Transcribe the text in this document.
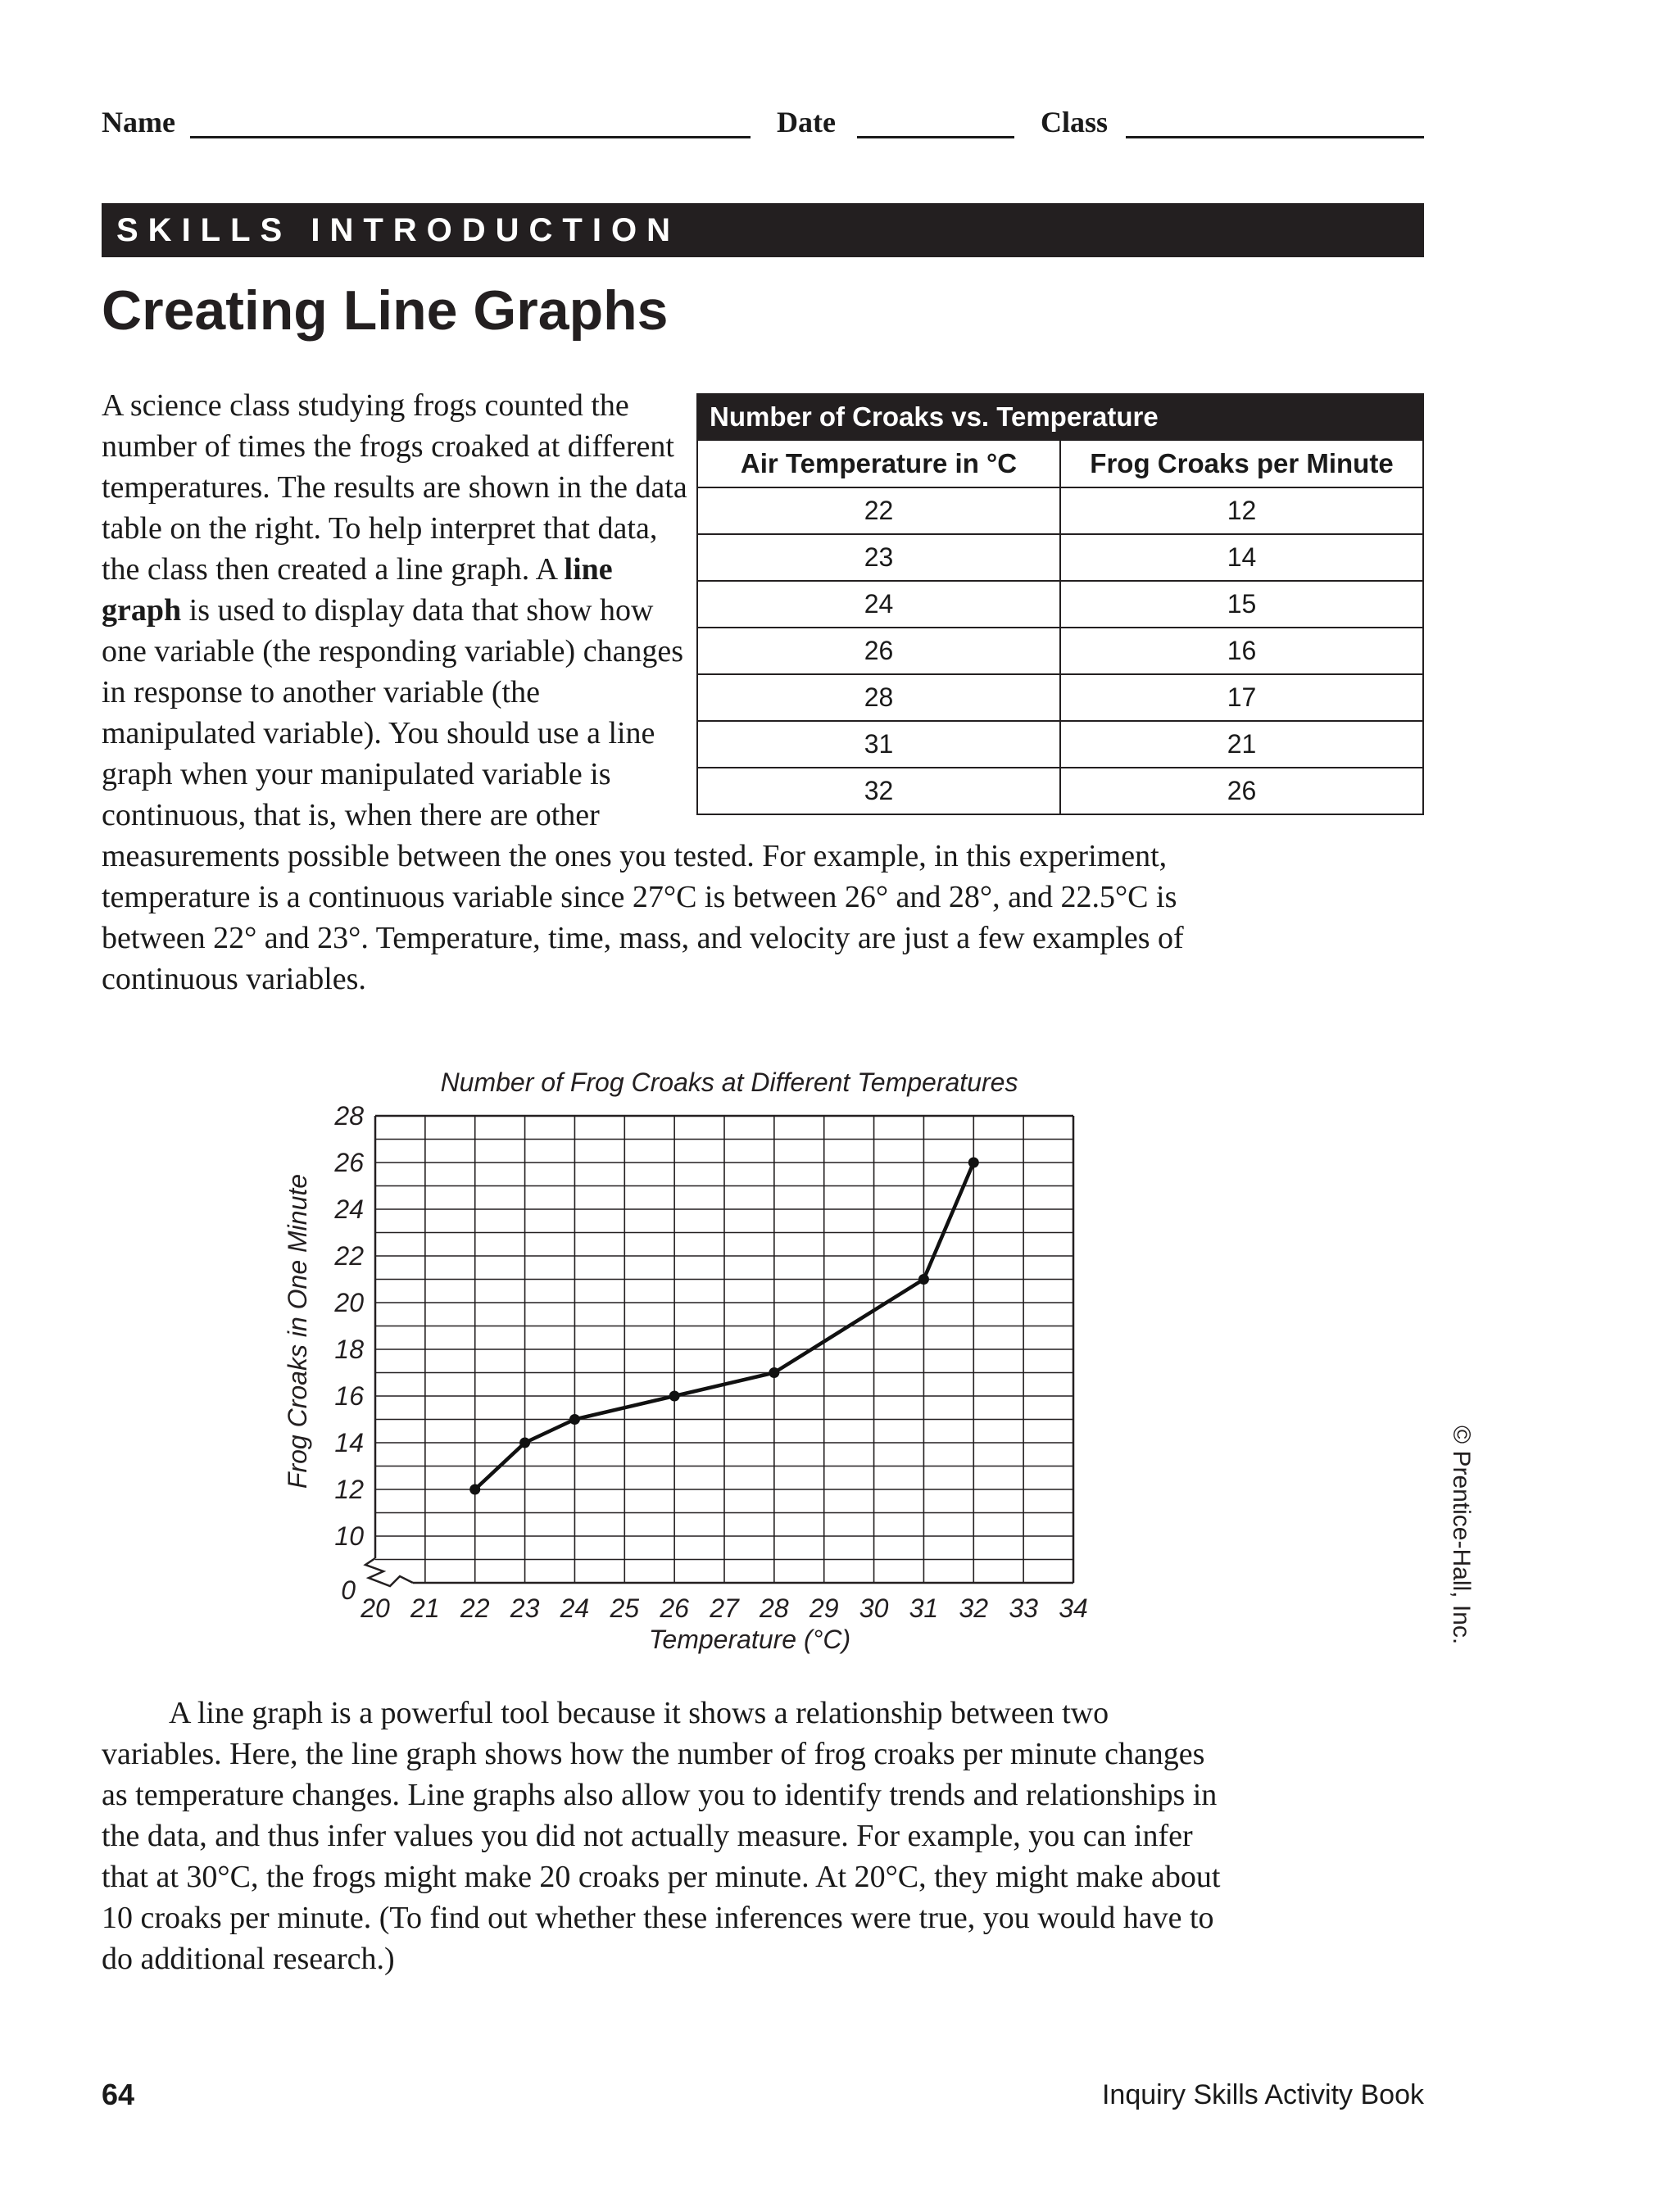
Name	Date	Class
SKILLS INTRODUCTION
Creating Line Graphs
Number of Croaks vs. Temperature	
Air Temperature in °C	Frog Croaks per Minute
22	12
23	14
24	15
26	16
28	17
31	21
32	26
A science class studying frogs counted the number of times the frogs croaked at different temperatures. The results are shown in the data table on the right. To help interpret that data, the class then created a line graph. A line graph is used to display data that show how one variable (the responding variable) changes in response to another variable (the manipulated variable). You should use a line graph when your manipulated variable is continuous, that is, when there are other measurements possible between the ones you tested. For example, in this experiment, temperature is a continuous variable since 27°C is between 26° and 28°, and 22.5°C is between 22° and 23°. Temperature, time, mass, and velocity are just a few examples of continuous variables.
Number of Frog Croaks at Different Temperatures
Frog Croaks in One Minute
Temperature (°C)
28
26
24
22
20
18
16
14
12
10
0
20 21 22 23 24 25 26 27 28 29 30 31 32 33 34
A line graph is a powerful tool because it shows a relationship between two variables. Here, the line graph shows how the number of frog croaks per minute changes as temperature changes. Line graphs also allow you to identify trends and relationships in the data, and thus infer values you did not actually measure. For example, you can infer that at 30°C, the frogs might make 20 croaks per minute. At 20°C, they might make about 10 croaks per minute. (To find out whether these inferences were true, you would have to do additional research.)
© Prentice-Hall, Inc.
64	Inquiry Skills Activity Book
